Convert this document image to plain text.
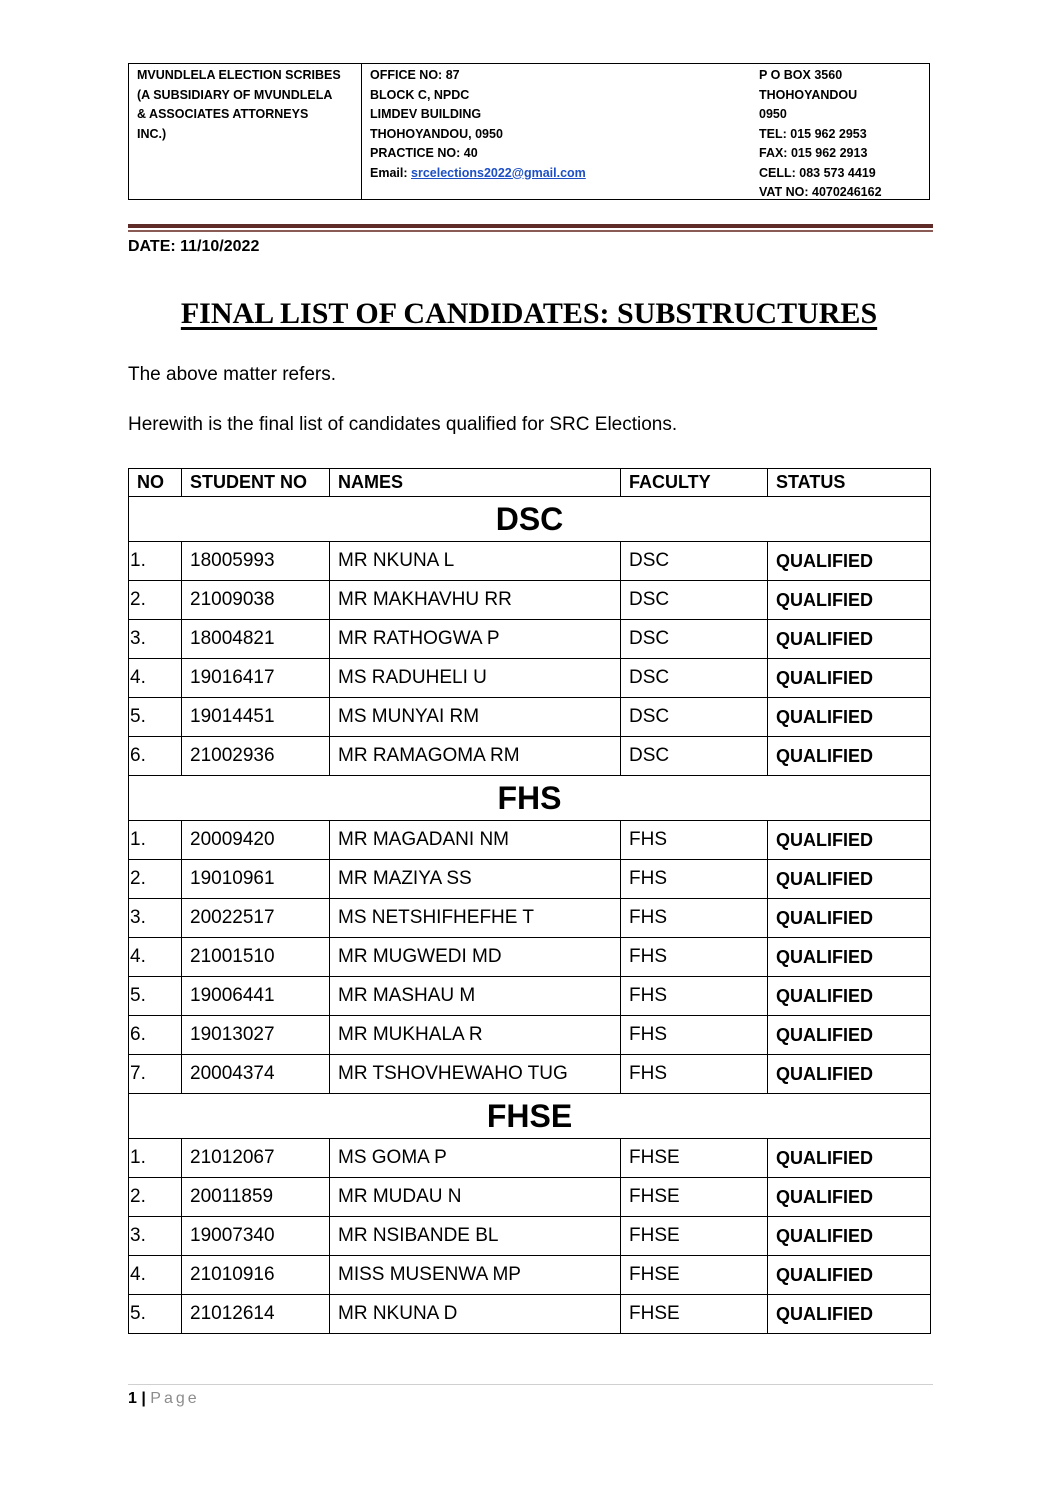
MVUNDLELA ELECTION SCRIBES
(A SUBSIDIARY OF MVUNDLELA
& ASSOCIATES ATTORNEYS
INC.)
OFFICE NO: 87
BLOCK C, NPDC
LIMDEV BUILDING
THOHOYANDOU, 0950
PRACTICE NO: 40
Email: srcelections2022@gmail.com
P O BOX 3560
THOHOYANDOU
0950
TEL: 015 962 2953
FAX: 015 962 2913
CELL: 083 573 4419
VAT NO: 4070246162
DATE: 11/10/2022
FINAL LIST OF CANDIDATES: SUBSTRUCTURES
The above matter refers.
Herewith is the final list of candidates qualified for SRC Elections.
NO	STUDENT NO	NAMES	FACULTY	STATUS
DSC				
1.	18005993	MR NKUNA L	DSC	QUALIFIED
2.	21009038	MR MAKHAVHU RR	DSC	QUALIFIED
3.	18004821	MR RATHOGWA P	DSC	QUALIFIED
4.	19016417	MS RADUHELI U	DSC	QUALIFIED
5.	19014451	MS MUNYAI RM	DSC	QUALIFIED
6.	21002936	MR RAMAGOMA RM	DSC	QUALIFIED
FHS				
1.	20009420	MR MAGADANI NM	FHS	QUALIFIED
2.	19010961	MR MAZIYA SS	FHS	QUALIFIED
3.	20022517	MS NETSHIFHEFHE T	FHS	QUALIFIED
4.	21001510	MR MUGWEDI MD	FHS	QUALIFIED
5.	19006441	MR MASHAU M	FHS	QUALIFIED
6.	19013027	MR MUKHALA R	FHS	QUALIFIED
7.	20004374	MR TSHOVHEWAHO TUG	FHS	QUALIFIED
FHSE				
1.	21012067	MS GOMA P	FHSE	QUALIFIED
2.	20011859	MR MUDAU N	FHSE	QUALIFIED
3.	19007340	MR NSIBANDE BL	FHSE	QUALIFIED
4.	21010916	MISS MUSENWA MP	FHSE	QUALIFIED
5.	21012614	MR NKUNA D	FHSE	QUALIFIED
1 | Page
